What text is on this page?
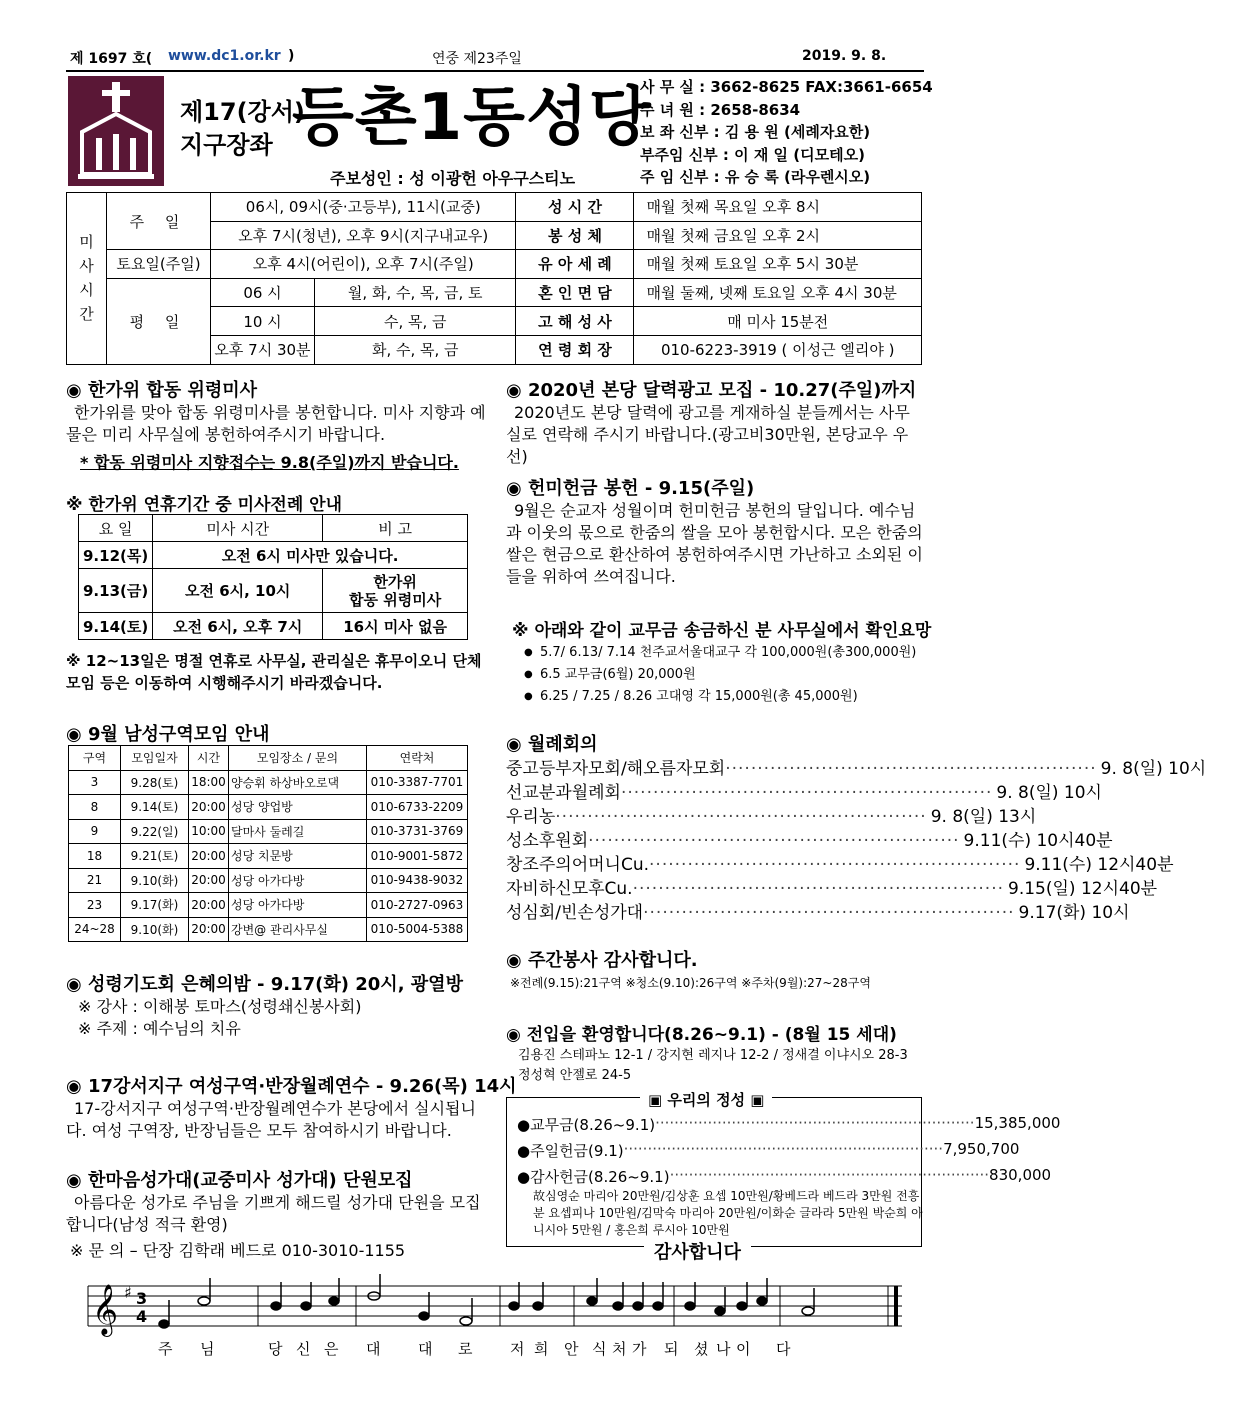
제 1697 호( www.dc1.or.kr )	연중 제23주일	2019. 9. 8.
제17(강서)
지구장좌 등촌1동성당
주보성인 : 성 이광헌 아우구스티노
사 무 실 : 3662-8625 FAX:3661-6654
수 녀 원 : 2658-8634
보 좌 신부 : 김 용 원 (세례자요한)
부주임 신부 : 이 재 일 (디모테오)
주 임 신부 : 유 승 록 (라우렌시오)
미
사
시
간	주 일	06시, 09시(중·고등부), 11시(교중)		성 시 간	매월 첫째 목요일 오후 8시
		오후 7시(청년), 오후 9시(지구내교우)		봉 성 체	매월 첫째 금요일 오후 2시
	토요일(주일)	오후 4시(어린이), 오후 7시(주일)		유 아 세 례	매월 첫째 토요일 오후 5시 30분
	평 일	06 시	월, 화, 수, 목, 금, 토	혼 인 면 담	매월 둘째, 넷째 토요일 오후 4시 30분
		10 시	수, 목, 금	고 해 성 사	매 미사 15분전
		오후 7시 30분	화, 수, 목, 금	연 령 회 장	010-6223-3919 ( 이성근 엘리야 )
◉ 한가위 합동 위령미사
한가위를 맞아 합동 위령미사를 봉헌합니다. 미사 지향과 예물은 미리 사무실에 봉헌하여주시기 바랍니다.
* 합동 위령미사 지향접수는 9.8(주일)까지 받습니다.
※ 한가위 연휴기간 중 미사전례 안내
요 일	미사 시간	비 고
9.12(목)	오전 6시 미사만 있습니다.	
9.13(금)	오전 6시, 10시	한가위
합동 위령미사
9.14(토)	오전 6시, 오후 7시	16시 미사 없음
※ 12~13일은 명절 연휴로 사무실, 관리실은 휴무이오니 단체모임 등은 이동하여 시행해주시기 바라겠습니다.
◉ 9월 남성구역모임 안내
구역	모임일자	시간	모임장소 / 문의	연락처
3	9.28(토)	18:00	양승휘 하상바오로댁	010-3387-7701
8	9.14(토)	20:00	성당 양업방	010-6733-2209
9	9.22(일)	10:00	달마사 둘레길	010-3731-3769
18	9.21(토)	20:00	성당 치문방	010-9001-5872
21	9.10(화)	20:00	성당 아가다방	010-9438-9032
23	9.17(화)	20:00	성당 아가다방	010-2727-0963
24~28	9.10(화)	20:00	강변@ 관리사무실	010-5004-5388
◉ 성령기도회 은혜의밤 - 9.17(화) 20시, 광열방
※ 강사 : 이해봉 토마스(성령쇄신봉사회)
※ 주제 : 예수님의 치유
◉ 17강서지구 여성구역·반장월례연수 - 9.26(목) 14시
17-강서지구 여성구역·반장월례연수가 본당에서 실시됩니다. 여성 구역장, 반장님들은 모두 참여하시기 바랍니다.
◉ 한마음성가대(교중미사 성가대) 단원모집
아름다운 성가로 주님을 기쁘게 해드릴 성가대 단원을 모집합니다(남성 적극 환영)
※ 문 의 – 단장 김학래 베드로 010-3010-1155
◉ 2020년 본당 달력광고 모집 - 10.27(주일)까지
2020년도 본당 달력에 광고를 게재하실 분들께서는 사무실로 연락해 주시기 바랍니다.(광고비30만원, 본당교우 우선)
◉ 헌미헌금 봉헌 - 9.15(주일)
9월은 순교자 성월이며 헌미헌금 봉헌의 달입니다. 예수님과 이웃의 몫으로 한줌의 쌀을 모아 봉헌합시다. 모은 한줌의 쌀은 현금으로 환산하여 봉헌하여주시면 가난하고 소외된 이들을 위하여 쓰여집니다.
※ 아래와 같이 교무금 송금하신 분 사무실에서 확인요망
● 5.7/ 6.13/ 7.14 천주교서울대교구 각 100,000원(총300,000원)
● 6.5 교무금(6월) 20,000원
● 6.25 / 7.25 / 8.26 고대영 각 15,000원(총 45,000원)
◉ 월례회의
중고등부자모회/해오름자모회 ·························································· 9. 8(일) 10시
선교분과월례회 ·························································· 9. 8(일) 10시
우리농 ·························································· 9. 8(일) 13시
성소후원회 ·························································· 9.11(수) 10시40분
창조주의어머니Cu. ·························································· 9.11(수) 12시40분
자비하신모후Cu. ·························································· 9.15(일) 12시40분
성심회/빈손성가대 ·························································· 9.17(화) 10시
◉ 주간봉사 감사합니다.
※전례(9.15):21구역 ※청소(9.10):26구역 ※주차(9월):27~28구역
◉ 전입을 환영합니다(8.26~9.1) - (8월 15 세대)
김용진 스테파노 12-1 / 강지현 레지나 12-2 / 정새결 이냐시오 28-3 정성혁 안젤로 24-5
●교무금(8.26~9.1) ··································································· 15,385,000
●주일헌금(9.1) ··································································· 7,950,700
●감사헌금(8.26~9.1) ··································································· 830,000
故심영순 마리아 20만원/김상훈 요셉 10만원/황베드라 베드라 3만원 전흥분 요셉피나 10만원/김막숙 마리아 20만원/이화순 글라라 5만원 박순희 아니시아 5만원 / 홍은희 루시아 10만원
▣ 우리의 정성 ▣
감사합니다
𝄞 ♯ 3
4
주 님	당 신 은 대	대 로	저 희 안 식 처 가 되 셨 나 이 다
